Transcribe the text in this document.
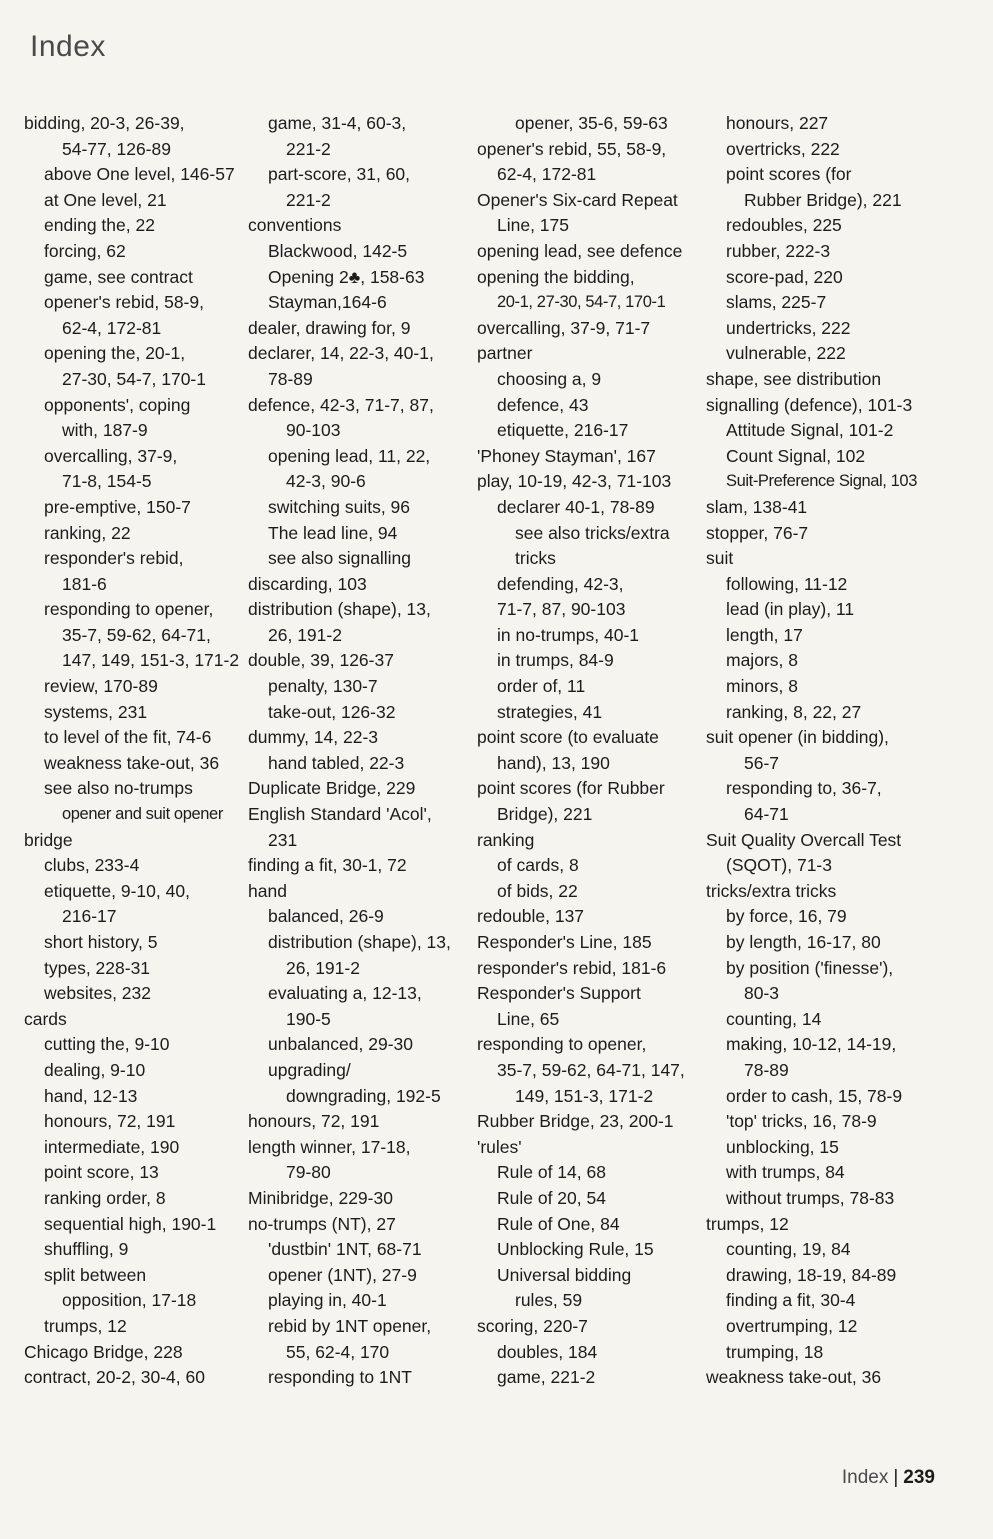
Index
bidding, 20-3, 26-39,
54-77, 126-89
above One level, 146-57
at One level, 21
ending the, 22
forcing, 62
game, see contract
opener's rebid, 58-9,
62-4, 172-81
opening the, 20-1,
27-30, 54-7, 170-1
opponents', coping
with, 187-9
overcalling, 37-9,
71-8, 154-5
pre-emptive, 150-7
ranking, 22
responder's rebid,
181-6
responding to opener,
35-7, 59-62, 64-71,
147, 149, 151-3, 171-2
review, 170-89
systems, 231
to level of the fit, 74-6
weakness take-out, 36
see also no-trumps
opener and suit opener
bridge
clubs, 233-4
etiquette, 9-10, 40,
216-17
short history, 5
types, 228-31
websites, 232
cards
cutting the, 9-10
dealing, 9-10
hand, 12-13
honours, 72, 191
intermediate, 190
point score, 13
ranking order, 8
sequential high, 190-1
shuffling, 9
split between
opposition, 17-18
trumps, 12
Chicago Bridge, 228
contract, 20-2, 30-4, 60
game, 31-4, 60-3,
221-2
part-score, 31, 60,
221-2
conventions
Blackwood, 142-5
Opening 2♣, 158-63
Stayman,164-6
dealer, drawing for, 9
declarer, 14, 22-3, 40-1,
78-89
defence, 42-3, 71-7, 87,
90-103
opening lead, 11, 22,
42-3, 90-6
switching suits, 96
The lead line, 94
see also signalling
discarding, 103
distribution (shape), 13,
26, 191-2
double, 39, 126-37
penalty, 130-7
take-out, 126-32
dummy, 14, 22-3
hand tabled, 22-3
Duplicate Bridge, 229
English Standard 'Acol',
231
finding a fit, 30-1, 72
hand
balanced, 26-9
distribution (shape), 13,
26, 191-2
evaluating a, 12-13,
190-5
unbalanced, 29-30
upgrading/
downgrading, 192-5
honours, 72, 191
length winner, 17-18,
79-80
Minibridge, 229-30
no-trumps (NT), 27
'dustbin' 1NT, 68-71
opener (1NT), 27-9
playing in, 40-1
rebid by 1NT opener,
55, 62-4, 170
responding to 1NT
opener, 35-6, 59-63
opener's rebid, 55, 58-9,
62-4, 172-81
Opener's Six-card Repeat
Line, 175
opening lead, see defence
opening the bidding,
20-1, 27-30, 54-7, 170-1
overcalling, 37-9, 71-7
partner
choosing a, 9
defence, 43
etiquette, 216-17
'Phoney Stayman', 167
play, 10-19, 42-3, 71-103
declarer 40-1, 78-89
see also tricks/extra
tricks
defending, 42-3,
71-7, 87, 90-103
in no-trumps, 40-1
in trumps, 84-9
order of, 11
strategies, 41
point score (to evaluate
hand), 13, 190
point scores (for Rubber
Bridge), 221
ranking
of cards, 8
of bids, 22
redouble, 137
Responder's Line, 185
responder's rebid, 181-6
Responder's Support
Line, 65
responding to opener,
35-7, 59-62, 64-71, 147,
149, 151-3, 171-2
Rubber Bridge, 23, 200-1
'rules'
Rule of 14, 68
Rule of 20, 54
Rule of One, 84
Unblocking Rule, 15
Universal bidding
rules, 59
scoring, 220-7
doubles, 184
game, 221-2
honours, 227
overtricks, 222
point scores (for
Rubber Bridge), 221
redoubles, 225
rubber, 222-3
score-pad, 220
slams, 225-7
undertricks, 222
vulnerable, 222
shape, see distribution
signalling (defence), 101-3
Attitude Signal, 101-2
Count Signal, 102
Suit-Preference Signal, 103
slam, 138-41
stopper, 76-7
suit
following, 11-12
lead (in play), 11
length, 17
majors, 8
minors, 8
ranking, 8, 22, 27
suit opener (in bidding),
56-7
responding to, 36-7,
64-71
Suit Quality Overcall Test
(SQOT), 71-3
tricks/extra tricks
by force, 16, 79
by length, 16-17, 80
by position ('finesse'),
80-3
counting, 14
making, 10-12, 14-19,
78-89
order to cash, 15, 78-9
'top' tricks, 16, 78-9
unblocking, 15
with trumps, 84
without trumps, 78-83
trumps, 12
counting, 19, 84
drawing, 18-19, 84-89
finding a fit, 30-4
overtrumping, 12
trumping, 18
weakness take-out, 36
Index | 239
